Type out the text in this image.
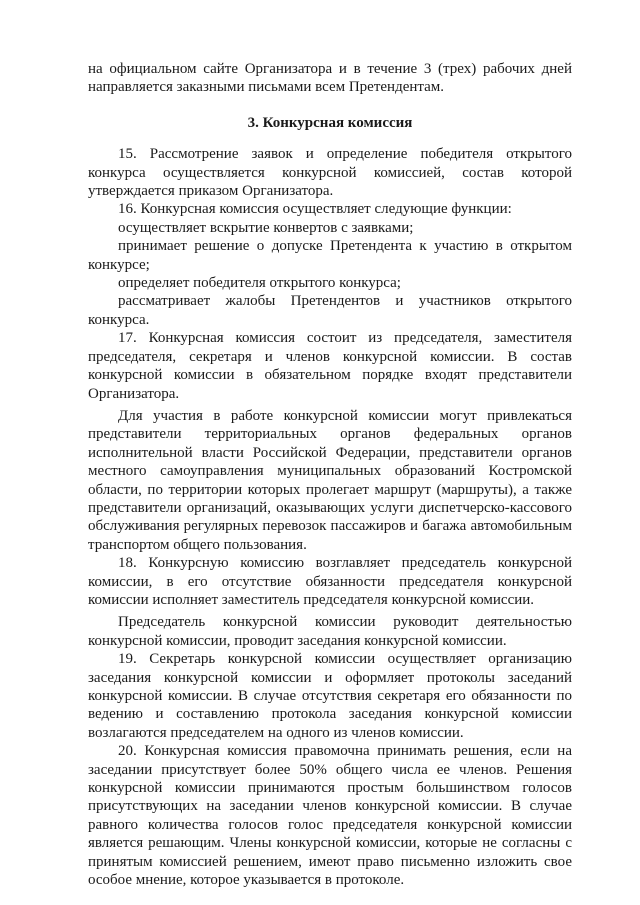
на официальном сайте Организатора и в течение 3 (трех) рабочих дней направляется заказными письмами всем Претендентам.

3. Конкурсная комиссия

15. Рассмотрение заявок и определение победителя открытого конкурса осуществляется конкурсной комиссией, состав которой утверждается приказом Организатора.

16. Конкурсная комиссия осуществляет следующие функции:

осуществляет вскрытие конвертов с заявками;

принимает решение о допуске Претендента к участию в открытом конкурсе;

определяет победителя открытого конкурса;

рассматривает жалобы Претендентов и участников открытого конкурса.

17. Конкурсная комиссия состоит из председателя, заместителя председателя, секретаря и членов конкурсной комиссии. В состав конкурсной комиссии в обязательном порядке входят представители Организатора.

Для участия в работе конкурсной комиссии могут привлекаться представители территориальных органов федеральных органов исполнительной власти Российской Федерации, представители органов местного самоуправления муниципальных образований Костромской области, по территории которых пролегает маршрут (маршруты), а также представители организаций, оказывающих услуги диспетчерско-кассового обслуживания регулярных перевозок пассажиров и багажа автомобильным транспортом общего пользования.

18. Конкурсную комиссию возглавляет председатель конкурсной комиссии, в его отсутствие обязанности председателя конкурсной комиссии исполняет заместитель председателя конкурсной комиссии.

Председатель конкурсной комиссии руководит деятельностью конкурсной комиссии, проводит заседания конкурсной комиссии.

19. Секретарь конкурсной комиссии осуществляет организацию заседания конкурсной комиссии и оформляет протоколы заседаний конкурсной комиссии. В случае отсутствия секретаря его обязанности по ведению и составлению протокола заседания конкурсной комиссии возлагаются председателем на одного из членов комиссии.

20. Конкурсная комиссия правомочна принимать решения, если на заседании присутствует более 50% общего числа ее членов. Решения конкурсной комиссии принимаются простым большинством голосов присутствующих на заседании членов конкурсной комиссии. В случае равного количества голосов голос председателя конкурсной комиссии является решающим. Члены конкурсной комиссии, которые не согласны с принятым комиссией решением, имеют право письменно изложить свое особое мнение, которое указывается в протоколе.
